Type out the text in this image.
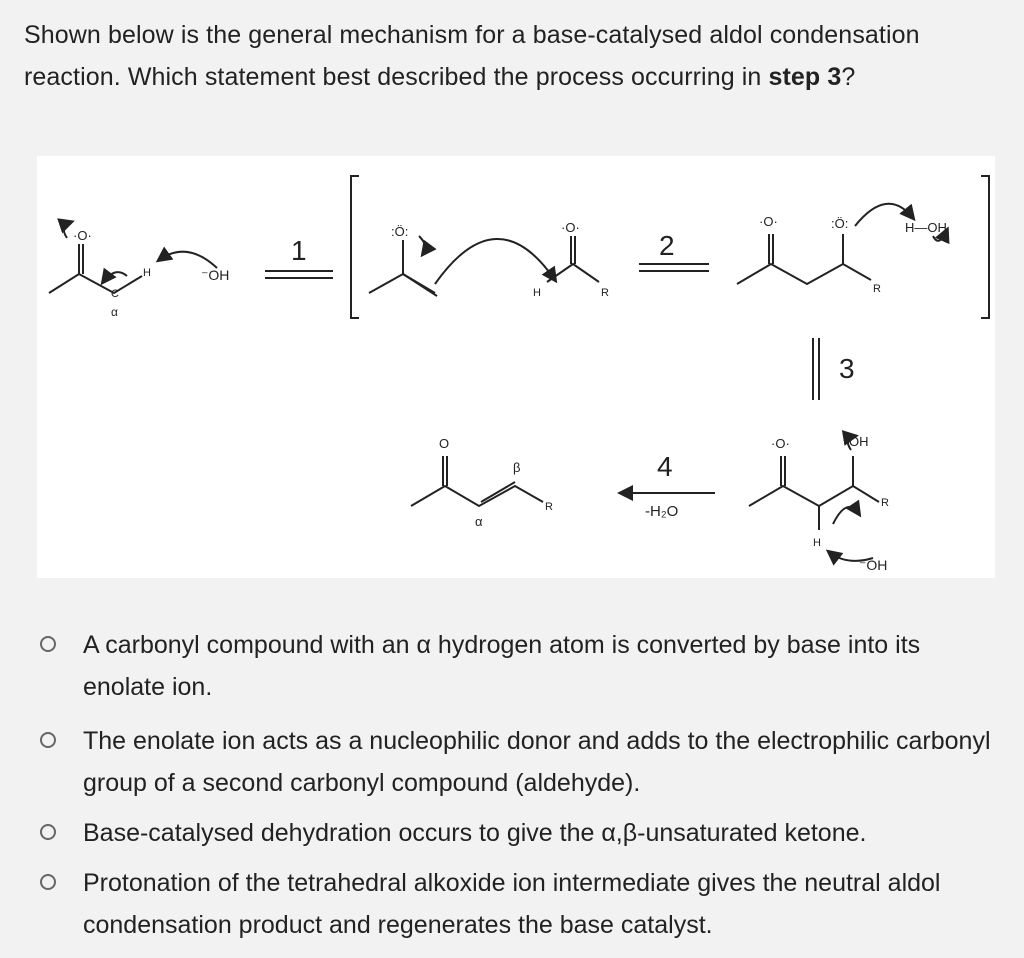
Shown below is the general mechanism for a base-catalysed aldol condensation reaction. Which statement best described the process occurring in step 3?
1	2
3
4
-H₂O
·O·
C
H
α
⁻OH
:Ö:	·O·
H	R
·O·	:Ö:
R
H—OH
·O·	OH
R
H
⁻OH
O
β
α
R
A carbonyl compound with an α hydrogen atom is converted by base into its enolate ion.
The enolate ion acts as a nucleophilic donor and adds to the electrophilic carbonyl group of a second carbonyl compound (aldehyde).
Base-catalysed dehydration occurs to give the α,β-unsaturated ketone.
Protonation of the tetrahedral alkoxide ion intermediate gives the neutral aldol condensation product and regenerates the base catalyst.
